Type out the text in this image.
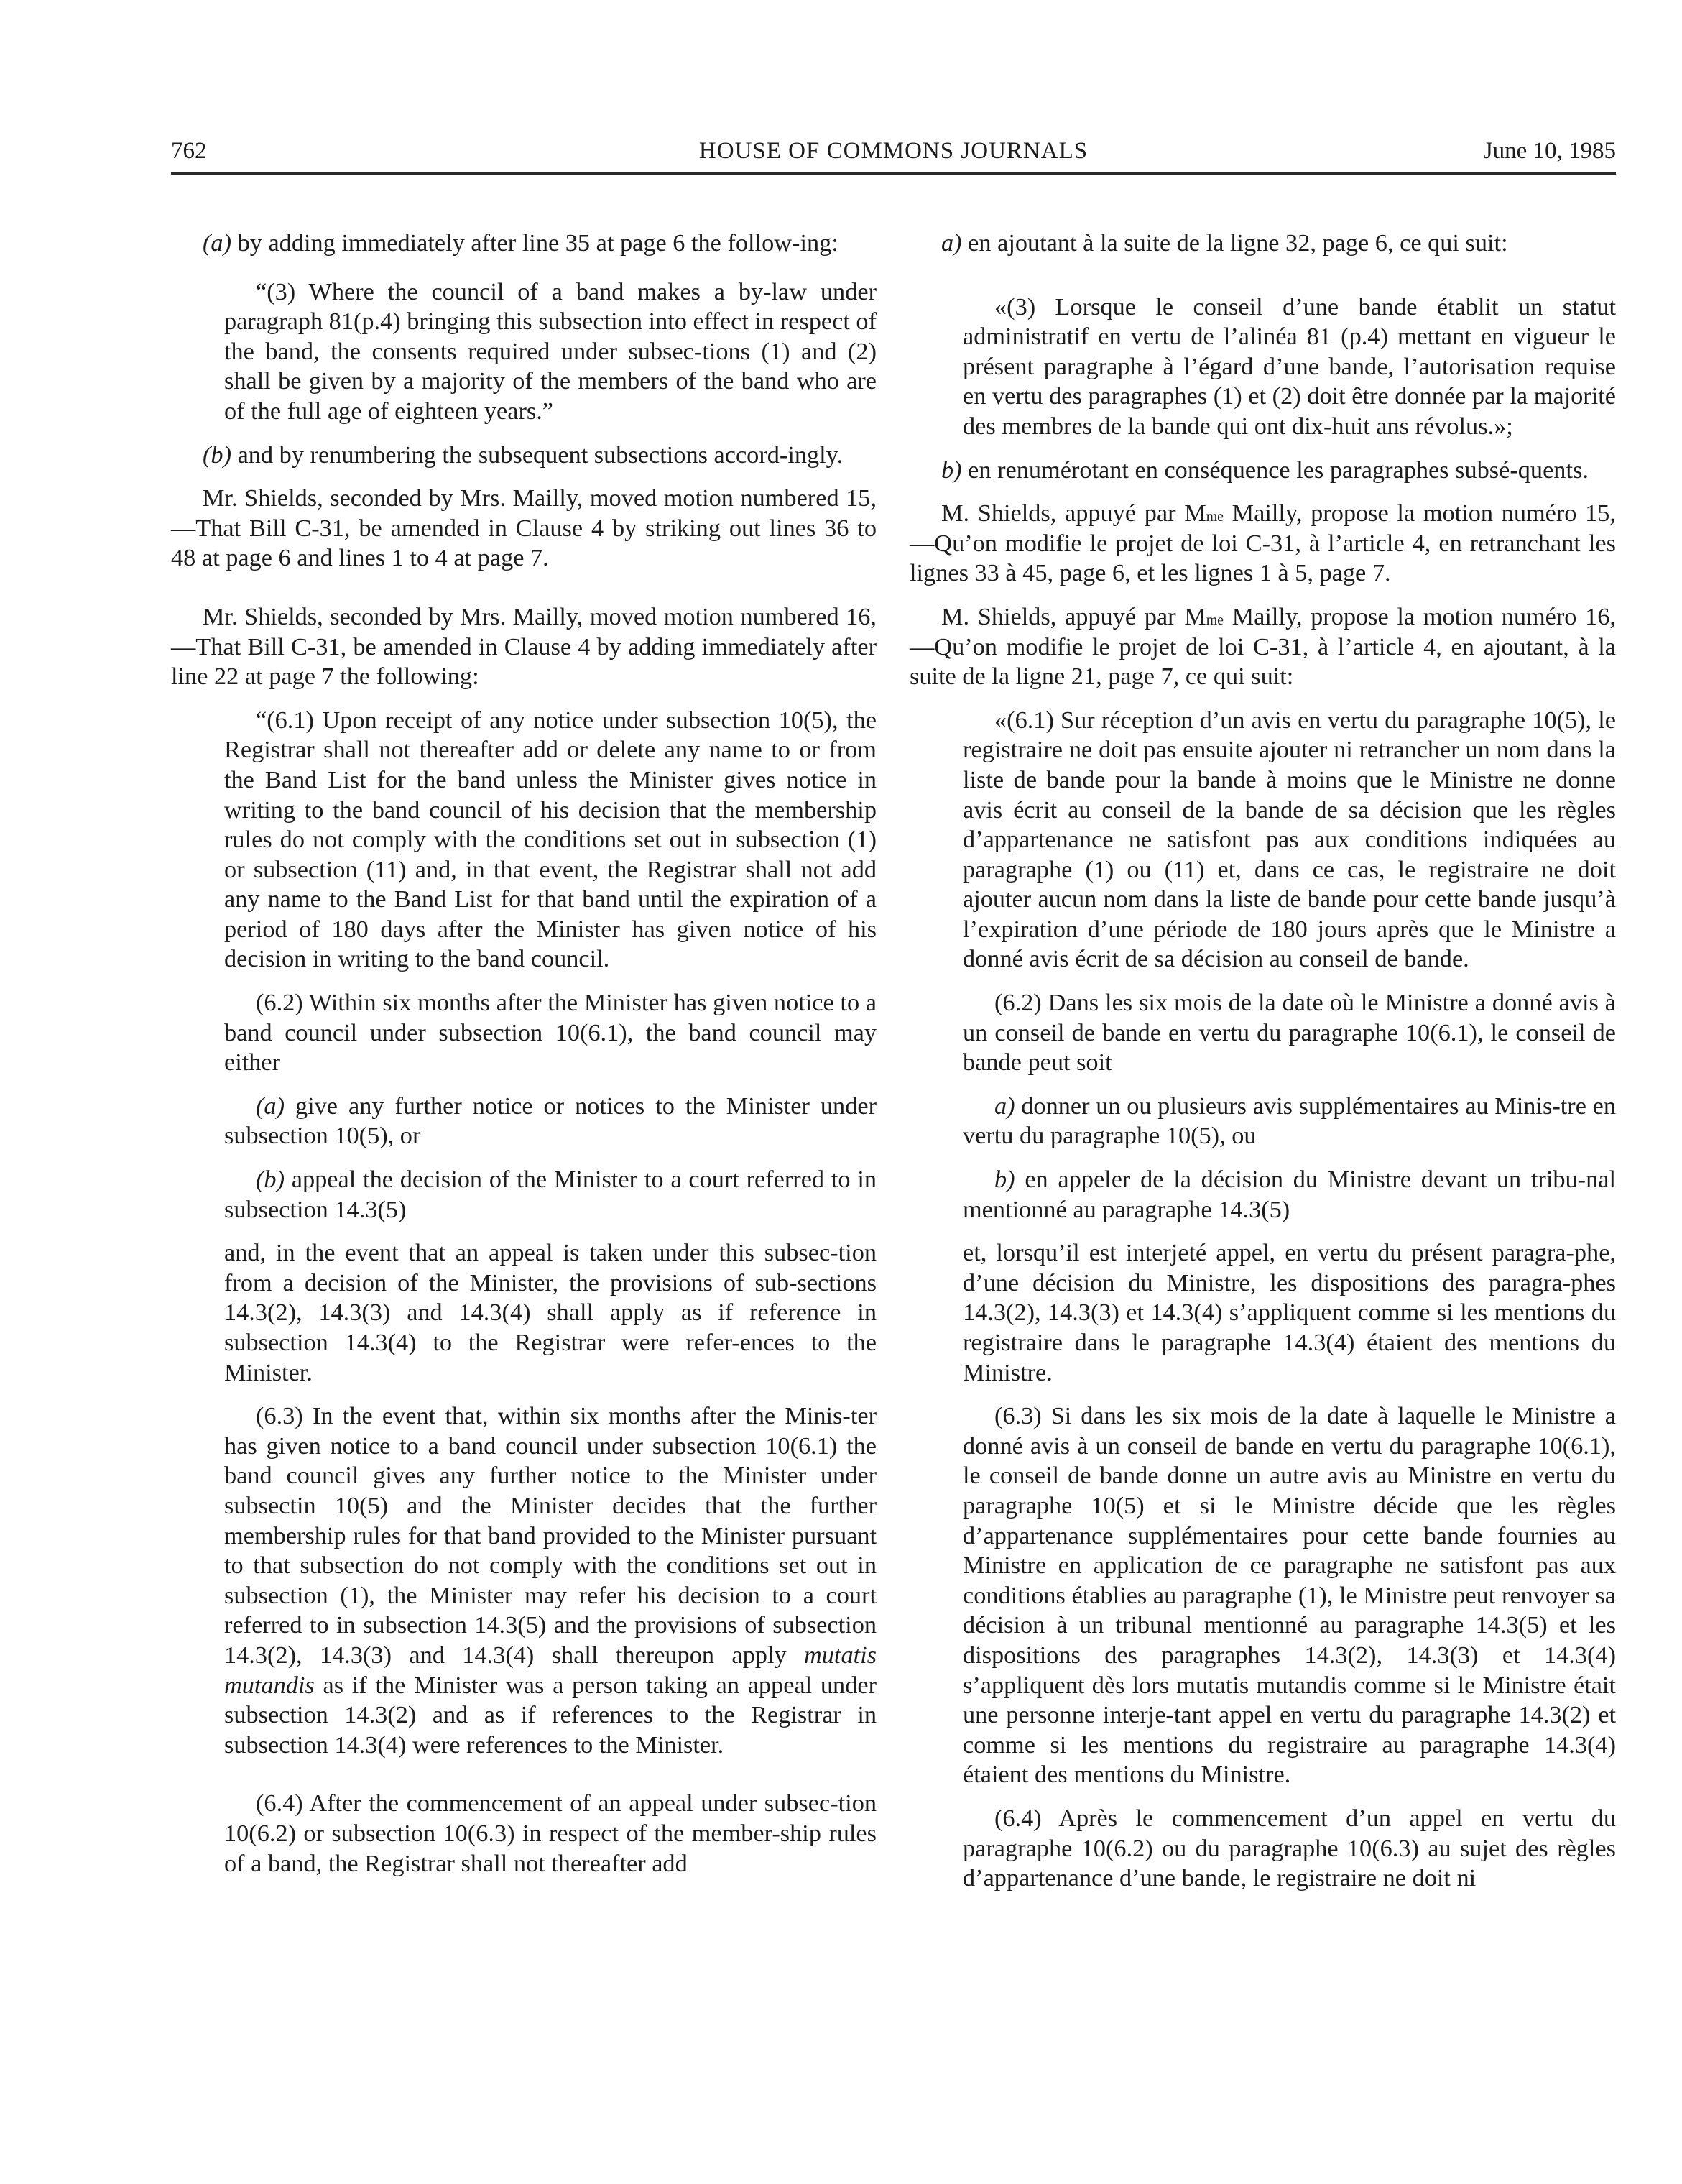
762	HOUSE OF COMMONS JOURNALS	June 10, 1985

(a) by adding immediately after line 35 at page 6 the follow-ing:

“(3) Where the council of a band makes a by-law under paragraph 81(p.4) bringing this subsection into effect in respect of the band, the consents required under subsec-tions (1) and (2) shall be given by a majority of the members of the band who are of the full age of eighteen years.”

(b) and by renumbering the subsequent subsections accord-ingly.

Mr. Shields, seconded by Mrs. Mailly, moved motion numbered 15,—That Bill C-31, be amended in Clause 4 by striking out lines 36 to 48 at page 6 and lines 1 to 4 at page 7.

Mr. Shields, seconded by Mrs. Mailly, moved motion numbered 16,—That Bill C-31, be amended in Clause 4 by adding immediately after line 22 at page 7 the following:

“(6.1) Upon receipt of any notice under subsection 10(5), the Registrar shall not thereafter add or delete any name to or from the Band List for the band unless the Minister gives notice in writing to the band council of his decision that the membership rules do not comply with the conditions set out in subsection (1) or subsection (11) and, in that event, the Registrar shall not add any name to the Band List for that band until the expiration of a period of 180 days after the Minister has given notice of his decision in writing to the band council.

(6.2) Within six months after the Minister has given notice to a band council under subsection 10(6.1), the band council may either

(a) give any further notice or notices to the Minister under subsection 10(5), or

(b) appeal the decision of the Minister to a court referred to in subsection 14.3(5)

and, in the event that an appeal is taken under this subsec-tion from a decision of the Minister, the provisions of sub-sections 14.3(2), 14.3(3) and 14.3(4) shall apply as if reference in subsection 14.3(4) to the Registrar were refer-ences to the Minister.

(6.3) In the event that, within six months after the Minis-ter has given notice to a band council under subsection 10(6.1) the band council gives any further notice to the Minister under subsectin 10(5) and the Minister decides that the further membership rules for that band provided to the Minister pursuant to that subsection do not comply with the conditions set out in subsection (1), the Minister may refer his decision to a court referred to in subsection 14.3(5) and the provisions of subsection 14.3(2), 14.3(3) and 14.3(4) shall thereupon apply mutatis mutandis as if the Minister was a person taking an appeal under subsection 14.3(2) and as if references to the Registrar in subsection 14.3(4) were references to the Minister.

(6.4) After the commencement of an appeal under subsec-tion 10(6.2) or subsection 10(6.3) in respect of the member-ship rules of a band, the Registrar shall not thereafter add

a) en ajoutant à la suite de la ligne 32, page 6, ce qui suit:

«(3) Lorsque le conseil d’une bande établit un statut administratif en vertu de l’alinéa 81 (p.4) mettant en vigueur le présent paragraphe à l’égard d’une bande, l’autorisation requise en vertu des paragraphes (1) et (2) doit être donnée par la majorité des membres de la bande qui ont dix-huit ans révolus.»;

b) en renumérotant en conséquence les paragraphes subsé-quents.

M. Shields, appuyé par $M^{me}$ Mailly, propose la motion numéro 15,—Qu’on modifie le projet de loi C-31, à l’article 4, en retranchant les lignes 33 à 45, page 6, et les lignes 1 à 5, page 7.

M. Shields, appuyé par $M^{me}$ Mailly, propose la motion numéro 16,—Qu’on modifie le projet de loi C-31, à l’article 4, en ajoutant, à la suite de la ligne 21, page 7, ce qui suit:

«(6.1) Sur réception d’un avis en vertu du paragraphe 10(5), le registraire ne doit pas ensuite ajouter ni retrancher un nom dans la liste de bande pour la bande à moins que le Ministre ne donne avis écrit au conseil de la bande de sa décision que les règles d’appartenance ne satisfont pas aux conditions indiquées au paragraphe (1) ou (11) et, dans ce cas, le registraire ne doit ajouter aucun nom dans la liste de bande pour cette bande jusqu’à l’expiration d’une période de 180 jours après que le Ministre a donné avis écrit de sa décision au conseil de bande.

(6.2) Dans les six mois de la date où le Ministre a donné avis à un conseil de bande en vertu du paragraphe 10(6.1), le conseil de bande peut soit

a) donner un ou plusieurs avis supplémentaires au Minis-tre en vertu du paragraphe 10(5), ou

b) en appeler de la décision du Ministre devant un tribu-nal mentionné au paragraphe 14.3(5)

et, lorsqu’il est interjeté appel, en vertu du présent paragra-phe, d’une décision du Ministre, les dispositions des paragra-phes 14.3(2), 14.3(3) et 14.3(4) s’appliquent comme si les mentions du registraire dans le paragraphe 14.3(4) étaient des mentions du Ministre.

(6.3) Si dans les six mois de la date à laquelle le Ministre a donné avis à un conseil de bande en vertu du paragraphe 10(6.1), le conseil de bande donne un autre avis au Ministre en vertu du paragraphe 10(5) et si le Ministre décide que les règles d’appartenance supplémentaires pour cette bande fournies au Ministre en application de ce paragraphe ne satisfont pas aux conditions établies au paragraphe (1), le Ministre peut renvoyer sa décision à un tribunal mentionné au paragraphe 14.3(5) et les dispositions des paragraphes 14.3(2), 14.3(3) et 14.3(4) s’appliquent dès lors mutatis mutandis comme si le Ministre était une personne interje-tant appel en vertu du paragraphe 14.3(2) et comme si les mentions du registraire au paragraphe 14.3(4) étaient des mentions du Ministre.

(6.4) Après le commencement d’un appel en vertu du paragraphe 10(6.2) ou du paragraphe 10(6.3) au sujet des règles d’appartenance d’une bande, le registraire ne doit ni
